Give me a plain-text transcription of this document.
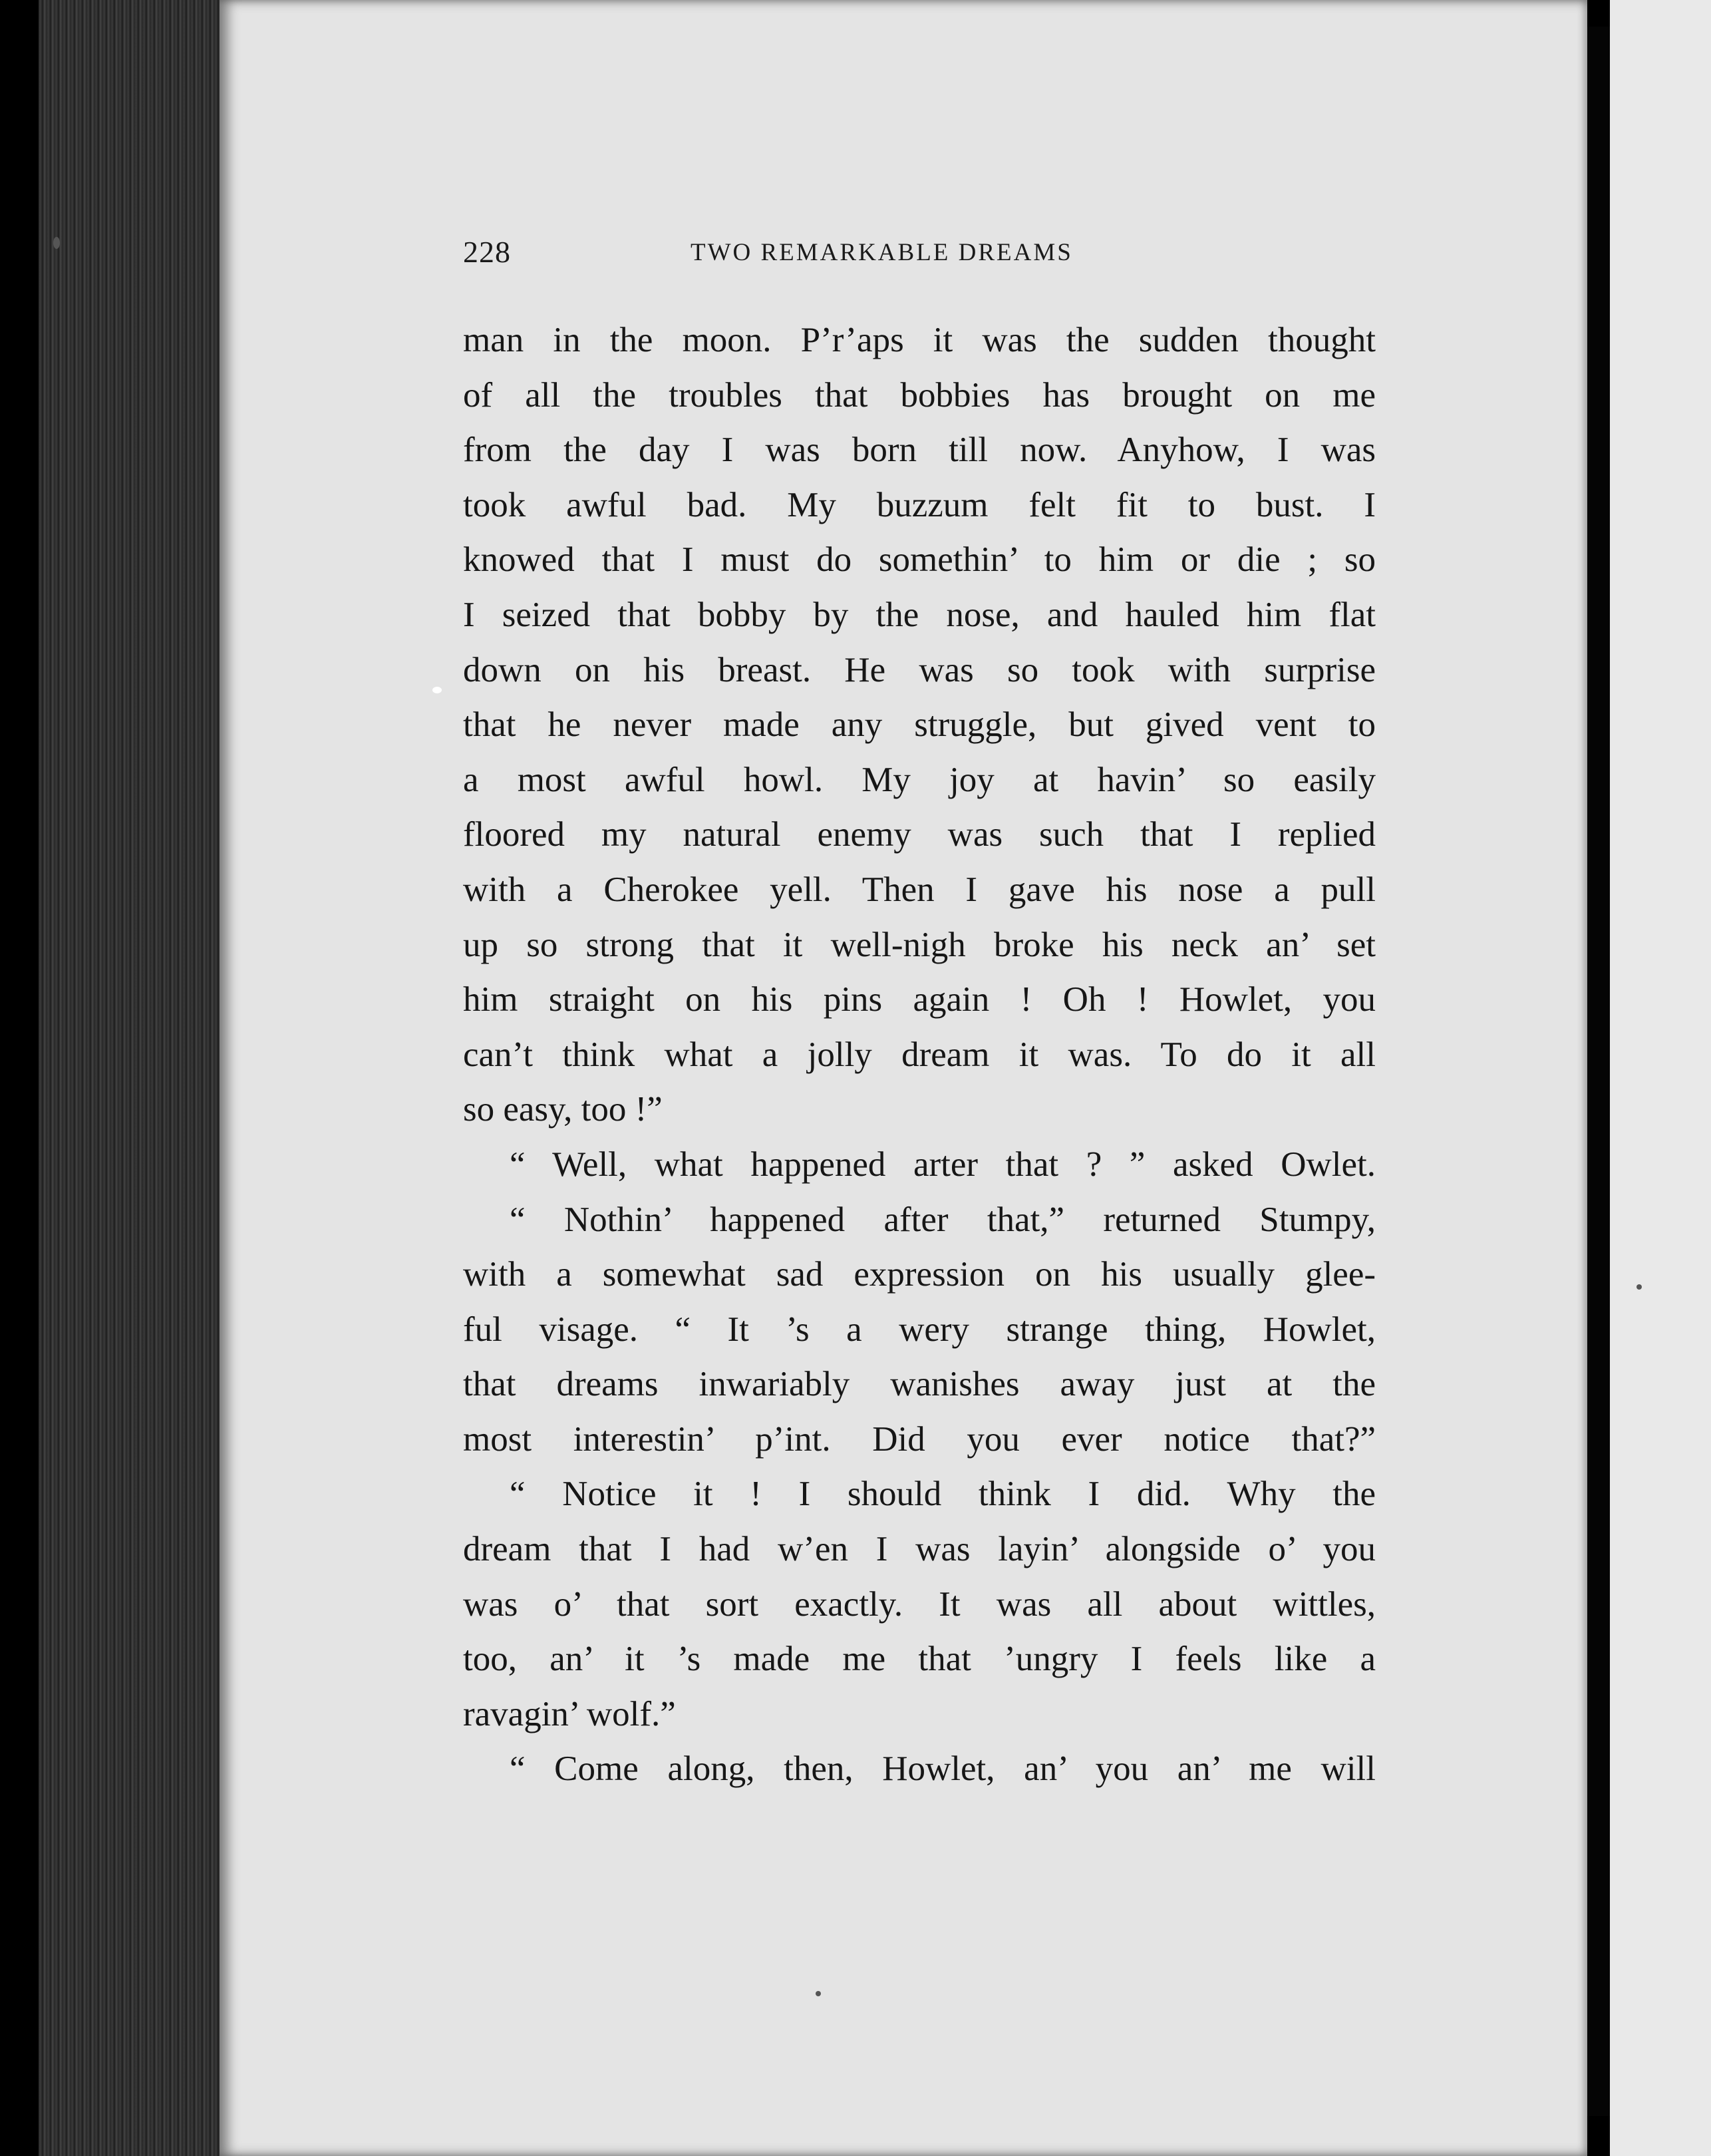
228	TWO REMARKABLE DREAMS
man in the moon. P’r’aps it was the sudden thought
of all the troubles that bobbies has brought on me
from the day I was born till now. Anyhow, I was
took awful bad. My buzzum felt fit to bust. I
knowed that I must do somethin’ to him or die ; so
I seized that bobby by the nose, and hauled him flat
down on his breast. He was so took with surprise
that he never made any struggle, but gived vent to
a most awful howl. My joy at havin’ so easily
floored my natural enemy was such that I replied
with a Cherokee yell. Then I gave his nose a pull
up so strong that it well-nigh broke his neck an’ set
him straight on his pins again ! Oh ! Howlet, you
can’t think what a jolly dream it was. To do it all
so easy, too !”
“ Well, what happened arter that ? ” asked Owlet.
“ Nothin’ happened after that,” returned Stumpy,
with a somewhat sad expression on his usually glee-
ful visage. “ It ’s a wery strange thing, Howlet,
that dreams inwariably wanishes away just at the
most interestin’ p’int. Did you ever notice that?”
“ Notice it ! I should think I did. Why the
dream that I had w’en I was layin’ alongside o’ you
was o’ that sort exactly. It was all about wittles,
too, an’ it ’s made me that ’ungry I feels like a
ravagin’ wolf.”
“ Come along, then, Howlet, an’ you an’ me will
